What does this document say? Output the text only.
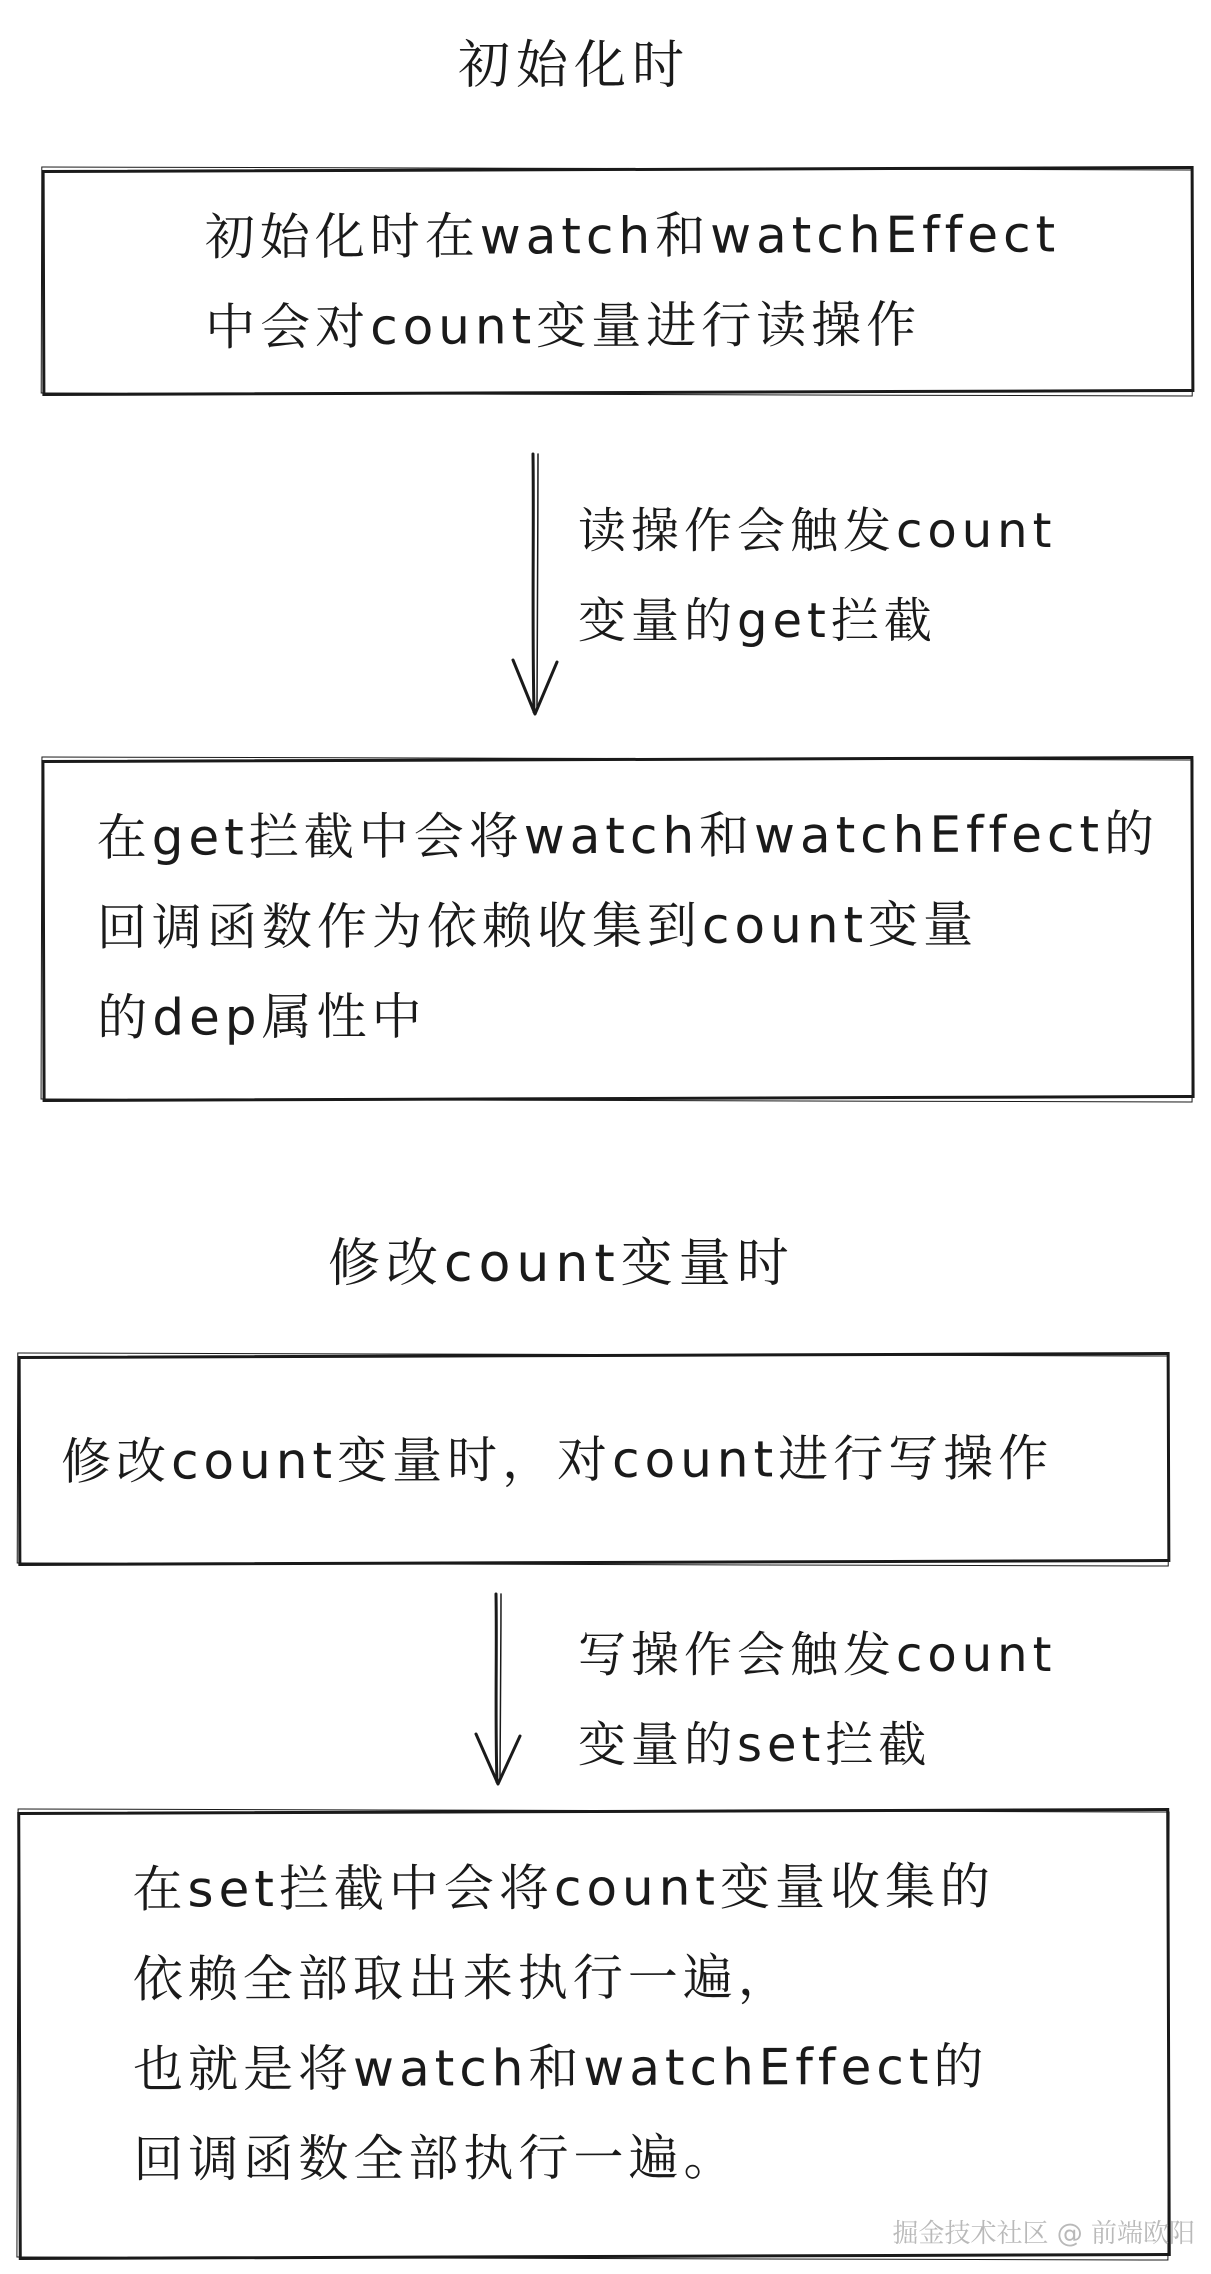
初始化时

初始化时在watch和watchEffect
中会对count变量进行读操作

读操作会触发count
变量的get拦截

在get拦截中会将watch和watchEffect的
回调函数作为依赖收集到count变量
的dep属性中

修改count变量时

修改count变量时，对count进行写操作

写操作会触发count
变量的set拦截

在set拦截中会将count变量收集的
依赖全部取出来执行一遍，
也就是将watch和watchEffect的
回调函数全部执行一遍。

掘金技术社区 @ 前端欧阳
